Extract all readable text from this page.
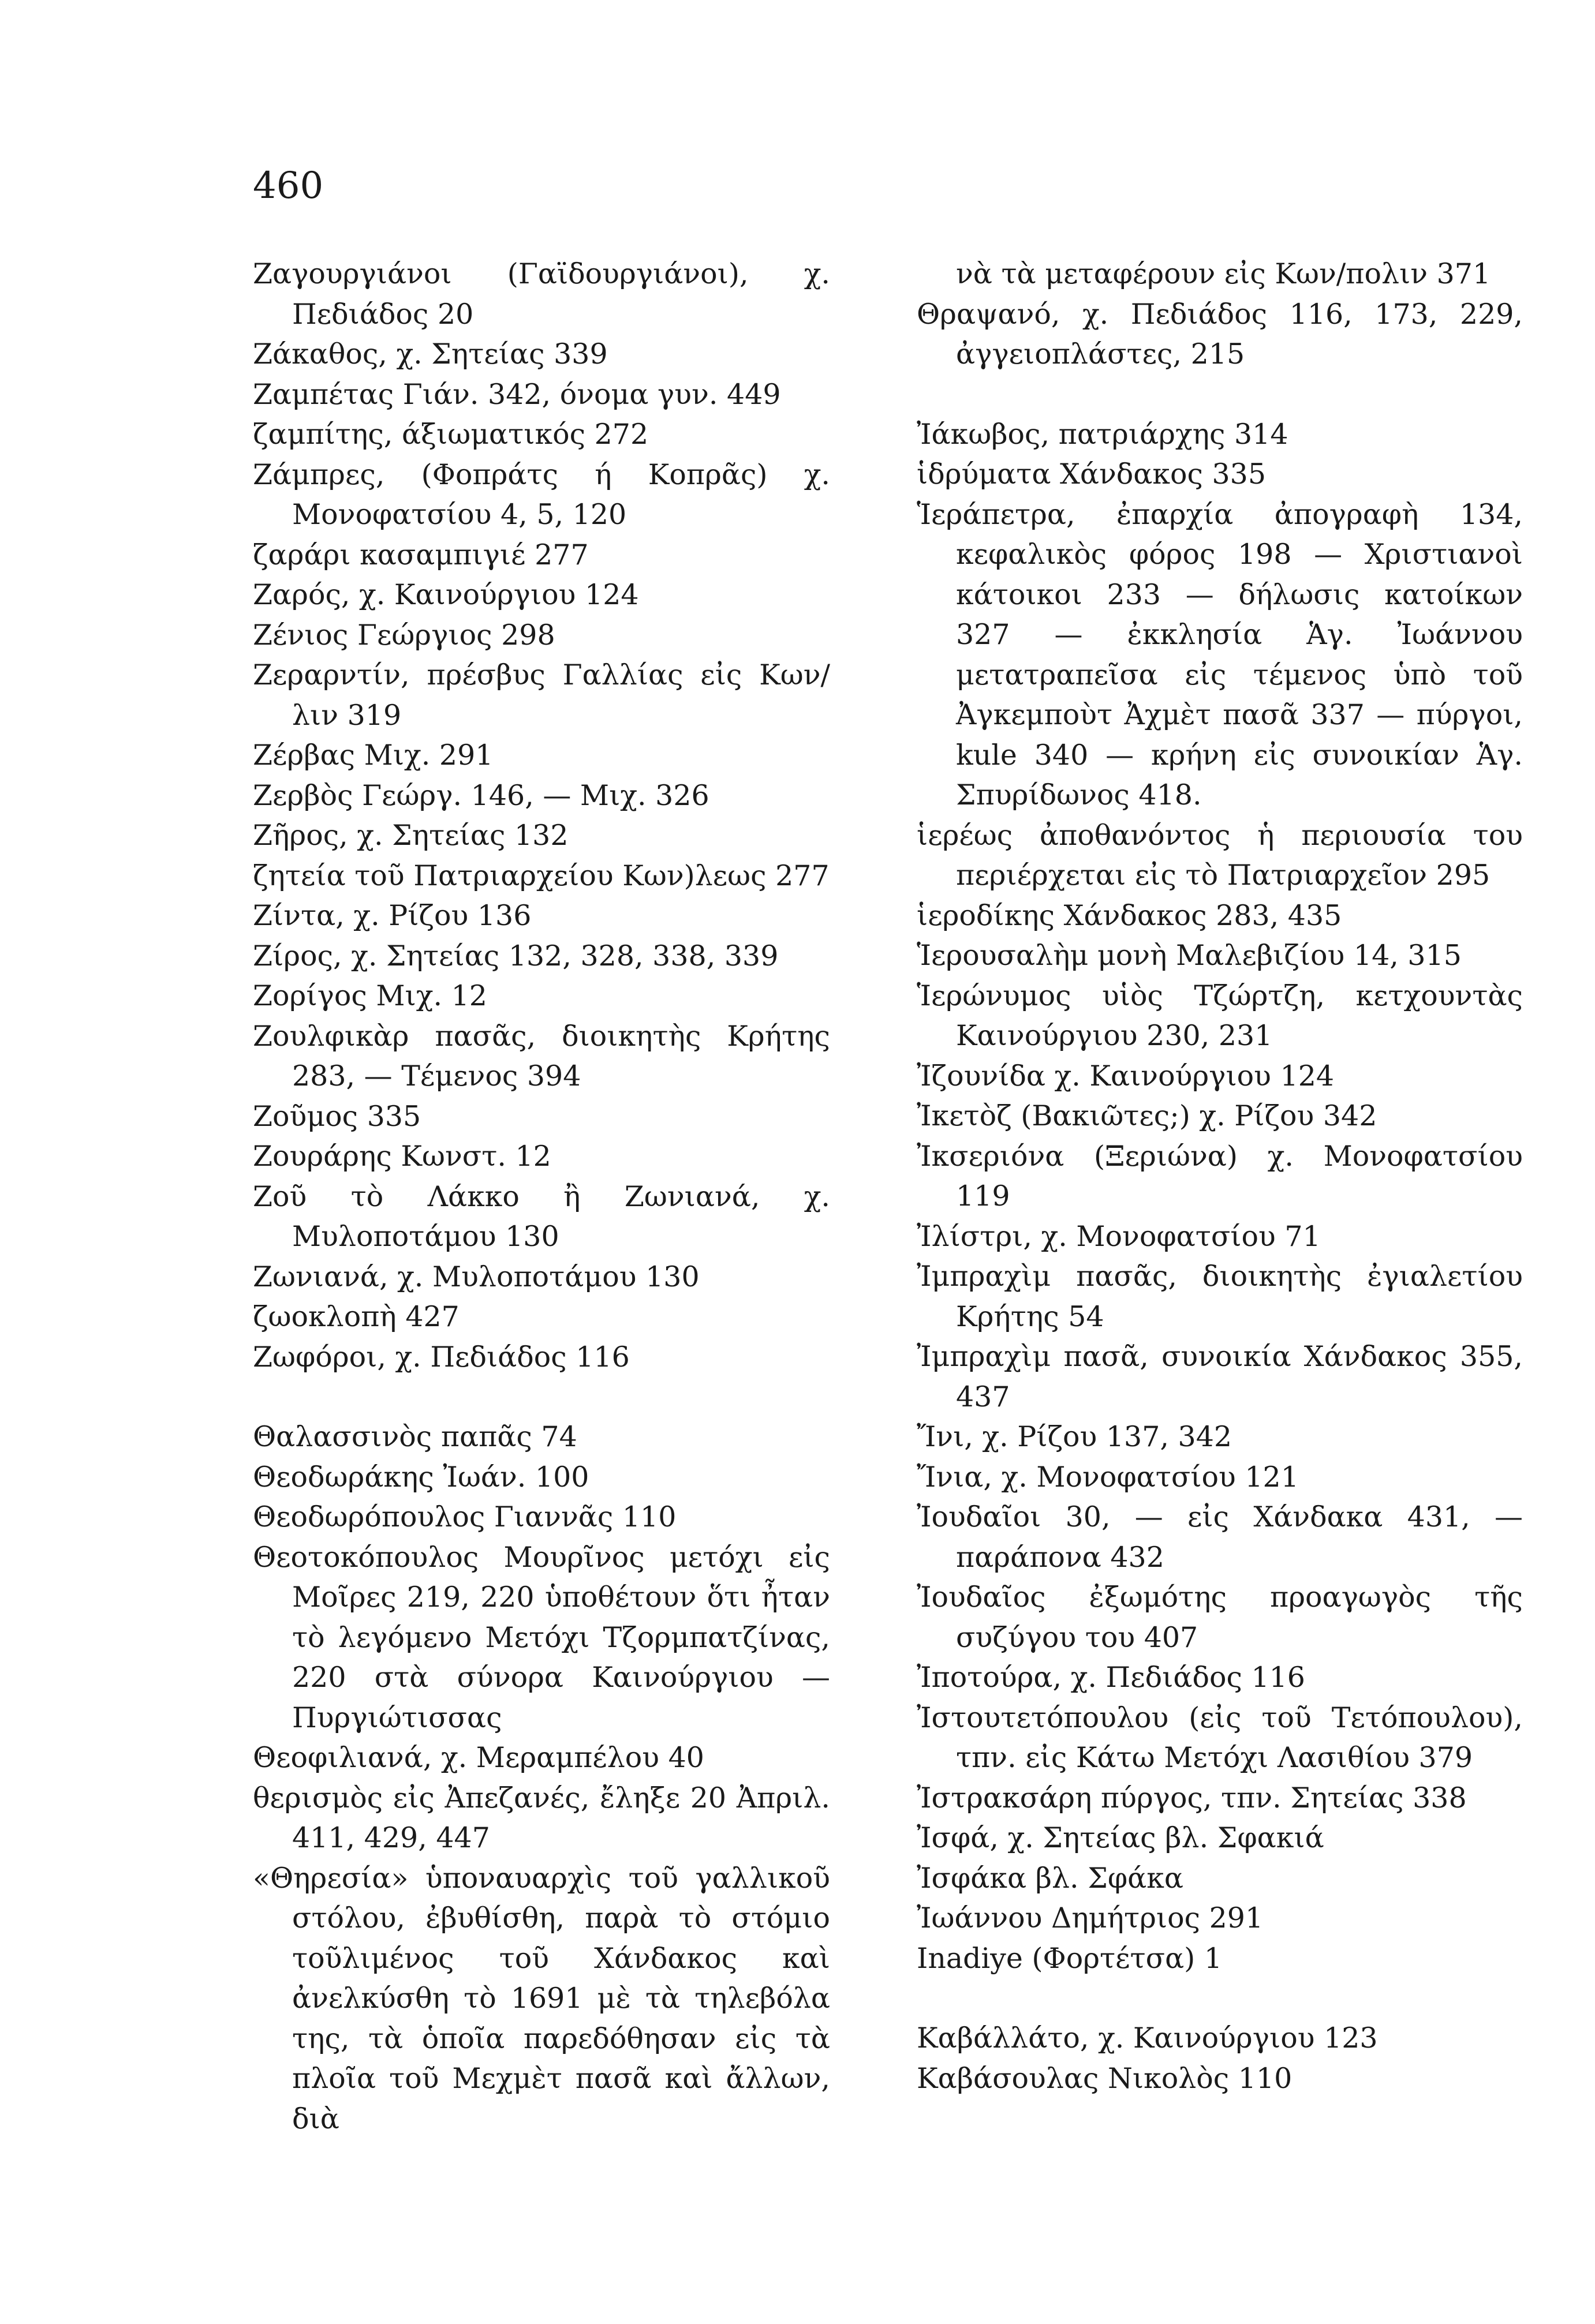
460

Ζαγουργιάνοι (Γαϊδουργιάνοι), χ. Πεδιάδος 20

Ζάκαθος, χ. Σητείας 339

Ζαμπέτας Γιάν. 342, όνομα γυν. 449

ζαμπίτης, άξιωματικός 272

Ζάμπρες, (Φοπράτς ή Κοπρᾶς) χ. Μονοφατσίου 4, 5, 120

ζαράρι κασαμπιγιέ 277

Ζαρός, χ. Καινούργιου 124

Ζένιος Γεώργιος 298

Ζεραρντίν, πρέσβυς Γαλλίας εἰς Κων/λιν 319

Ζέρβας Μιχ. 291

Ζερβὸς Γεώργ. 146, — Μιχ. 326

Ζῆρος, χ. Σητείας 132

ζητεία τοῦ Πατριαρχείου Κων)λεως 277

Ζίντα, χ. Ρίζου 136

Ζίρος, χ. Σητείας 132, 328, 338, 339

Ζορίγος Μιχ. 12

Ζουλφικὰρ πασᾶς, διοικητὴς Κρήτης 283, — Τέμενος 394

Ζοῦμος 335

Ζουράρης Κωνστ. 12

Ζοῦ τὸ Λάκκο ἢ Ζωνιανά, χ. Μυλοποτάμου 130

Ζωνιανά, χ. Μυλοποτάμου 130

ζωοκλοπὴ 427

Ζωφόροι, χ. Πεδιάδος 116

Θαλασσινὸς παπᾶς 74

Θεοδωράκης Ἰωάν. 100

Θεοδωρόπουλος Γιαννᾶς 110

Θεοτοκόπουλος Μουρῖνος μετόχι εἰς Μοῖρες 219, 220 ὑποθέτουν ὅτι ἦταν τὸ λεγόμενο Μετόχι Τζορμπατζίνας, 220 στὰ σύνορα Καινούργιου — Πυργιώτισσας

Θεοφιλιανά, χ. Μεραμπέλου 40

θερισμὸς εἰς Ἀπεζανές, ἔληξε 20 Ἀπριλ. 411, 429, 447

«Θηρεσία» ὑποναυαρχὶς τοῦ γαλλικοῦ στόλου, ἐβυθίσθη, παρὰ τὸ στόμιο τοῦλιμένος τοῦ Χάνδακος καὶ ἀνελκύσθη τὸ 1691 μὲ τὰ τηλεβόλα της, τὰ ὁποῖα παρεδόθησαν εἰς τὰ πλοῖα τοῦ Μεχμὲτ πασᾶ καὶ ἄλλων, διὰ

νὰ τὰ μεταφέρουν εἰς Κων/πολιν 371

Θραψανό, χ. Πεδιάδος 116, 173, 229, ἀγγειοπλάστες, 215

Ἰάκωβος, πατριάρχης 314

ἱδρύματα Χάνδακος 335

Ἱεράπετρα, ἐπαρχία ἀπογραφὴ 134, κεφαλικὸς φόρος 198 — Χριστιανοὶ κάτοικοι 233 — δήλωσις κατοίκων 327 — ἐκκλησία Ἁγ. Ἰωάννου μετατραπεῖσα εἰς τέμενος ὑπὸ τοῦ Ἀγκεμποὺτ Ἀχμὲτ πασᾶ 337 — πύργοι, kule 340 — κρήνη εἰς συνοικίαν Ἁγ. Σπυρίδωνος 418.

ἱερέως ἀποθανόντος ἡ περιουσία του περιέρχεται εἰς τὸ Πατριαρχεῖον 295

ἱεροδίκης Χάνδακος 283, 435

Ἱερουσαλὴμ μονὴ Μαλεβιζίου 14, 315

Ἱερώνυμος υἱὸς Τζώρτζη, κετχουντὰς Καινούργιου 230, 231

Ἰζουνίδα χ. Καινούργιου 124

Ἰκετὸζ (Βακιῶτες;) χ. Ρίζου 342

Ἰκσεριόνα (Ξεριώνα) χ. Μονοφατσίου 119

Ἰλίστρι, χ. Μονοφατσίου 71

Ἰμπραχὶμ πασᾶς, διοικητὴς ἐγιαλετίου Κρήτης 54

Ἰμπραχὶμ πασᾶ, συνοικία Χάνδακος 355, 437

Ἴνι, χ. Ρίζου 137, 342

Ἴνια, χ. Μονοφατσίου 121

Ἰουδαῖοι 30, — εἰς Χάνδακα 431, — παράπονα 432

Ἰουδαῖος ἐξωμότης προαγωγὸς τῆς συζύγου του 407

Ἰποτούρα, χ. Πεδιάδος 116

Ἰστουτετόπουλου (εἰς τοῦ Τετόπουλου), τπν. εἰς Κάτω Μετόχι Λασιθίου 379

Ἰστρακσάρη πύργος, τπν. Σητείας 338

Ἰσφά, χ. Σητείας βλ. Σφακιά

Ἰσφάκα βλ. Σφάκα

Ἰωάννου Δημήτριος 291

Inadiye (Φορτέτσα) 1

Καβάλλάτο, χ. Καινούργιου 123

Καβάσουλας Νικολὸς 110
